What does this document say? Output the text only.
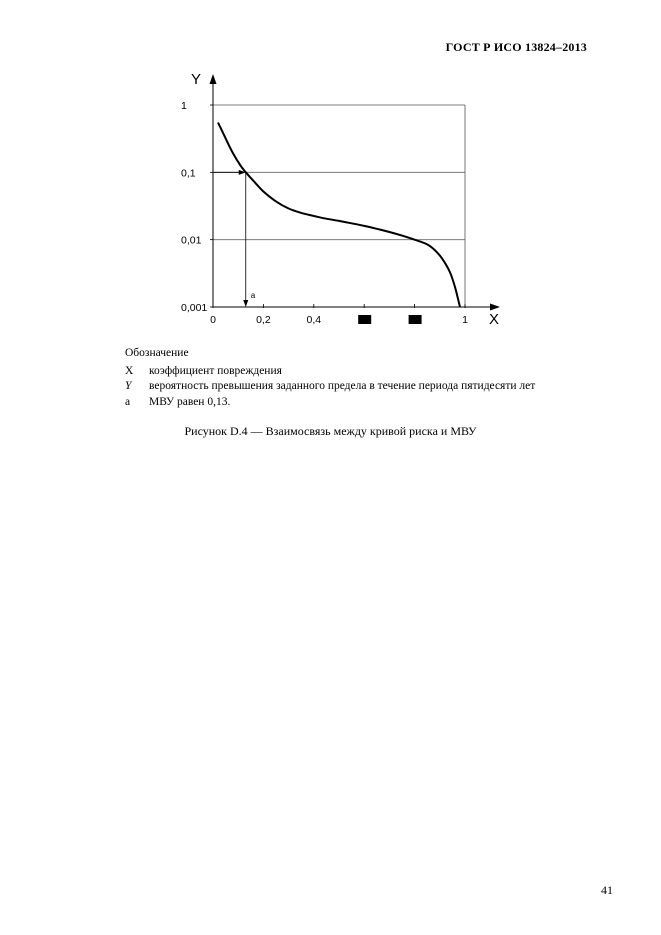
ГОСТ Р ИСО 13824–2013
Y
X
1
0,1
0,01
0,001
0	0,2	0,4	1
a
Обозначение
X	коэффициент повреждения
Y	вероятность превышения заданного предела в течение периода пятидесяти лет
a	МВУ равен 0,13.
Рисунок D.4 — Взаимосвязь между кривой риска и МВУ
41
